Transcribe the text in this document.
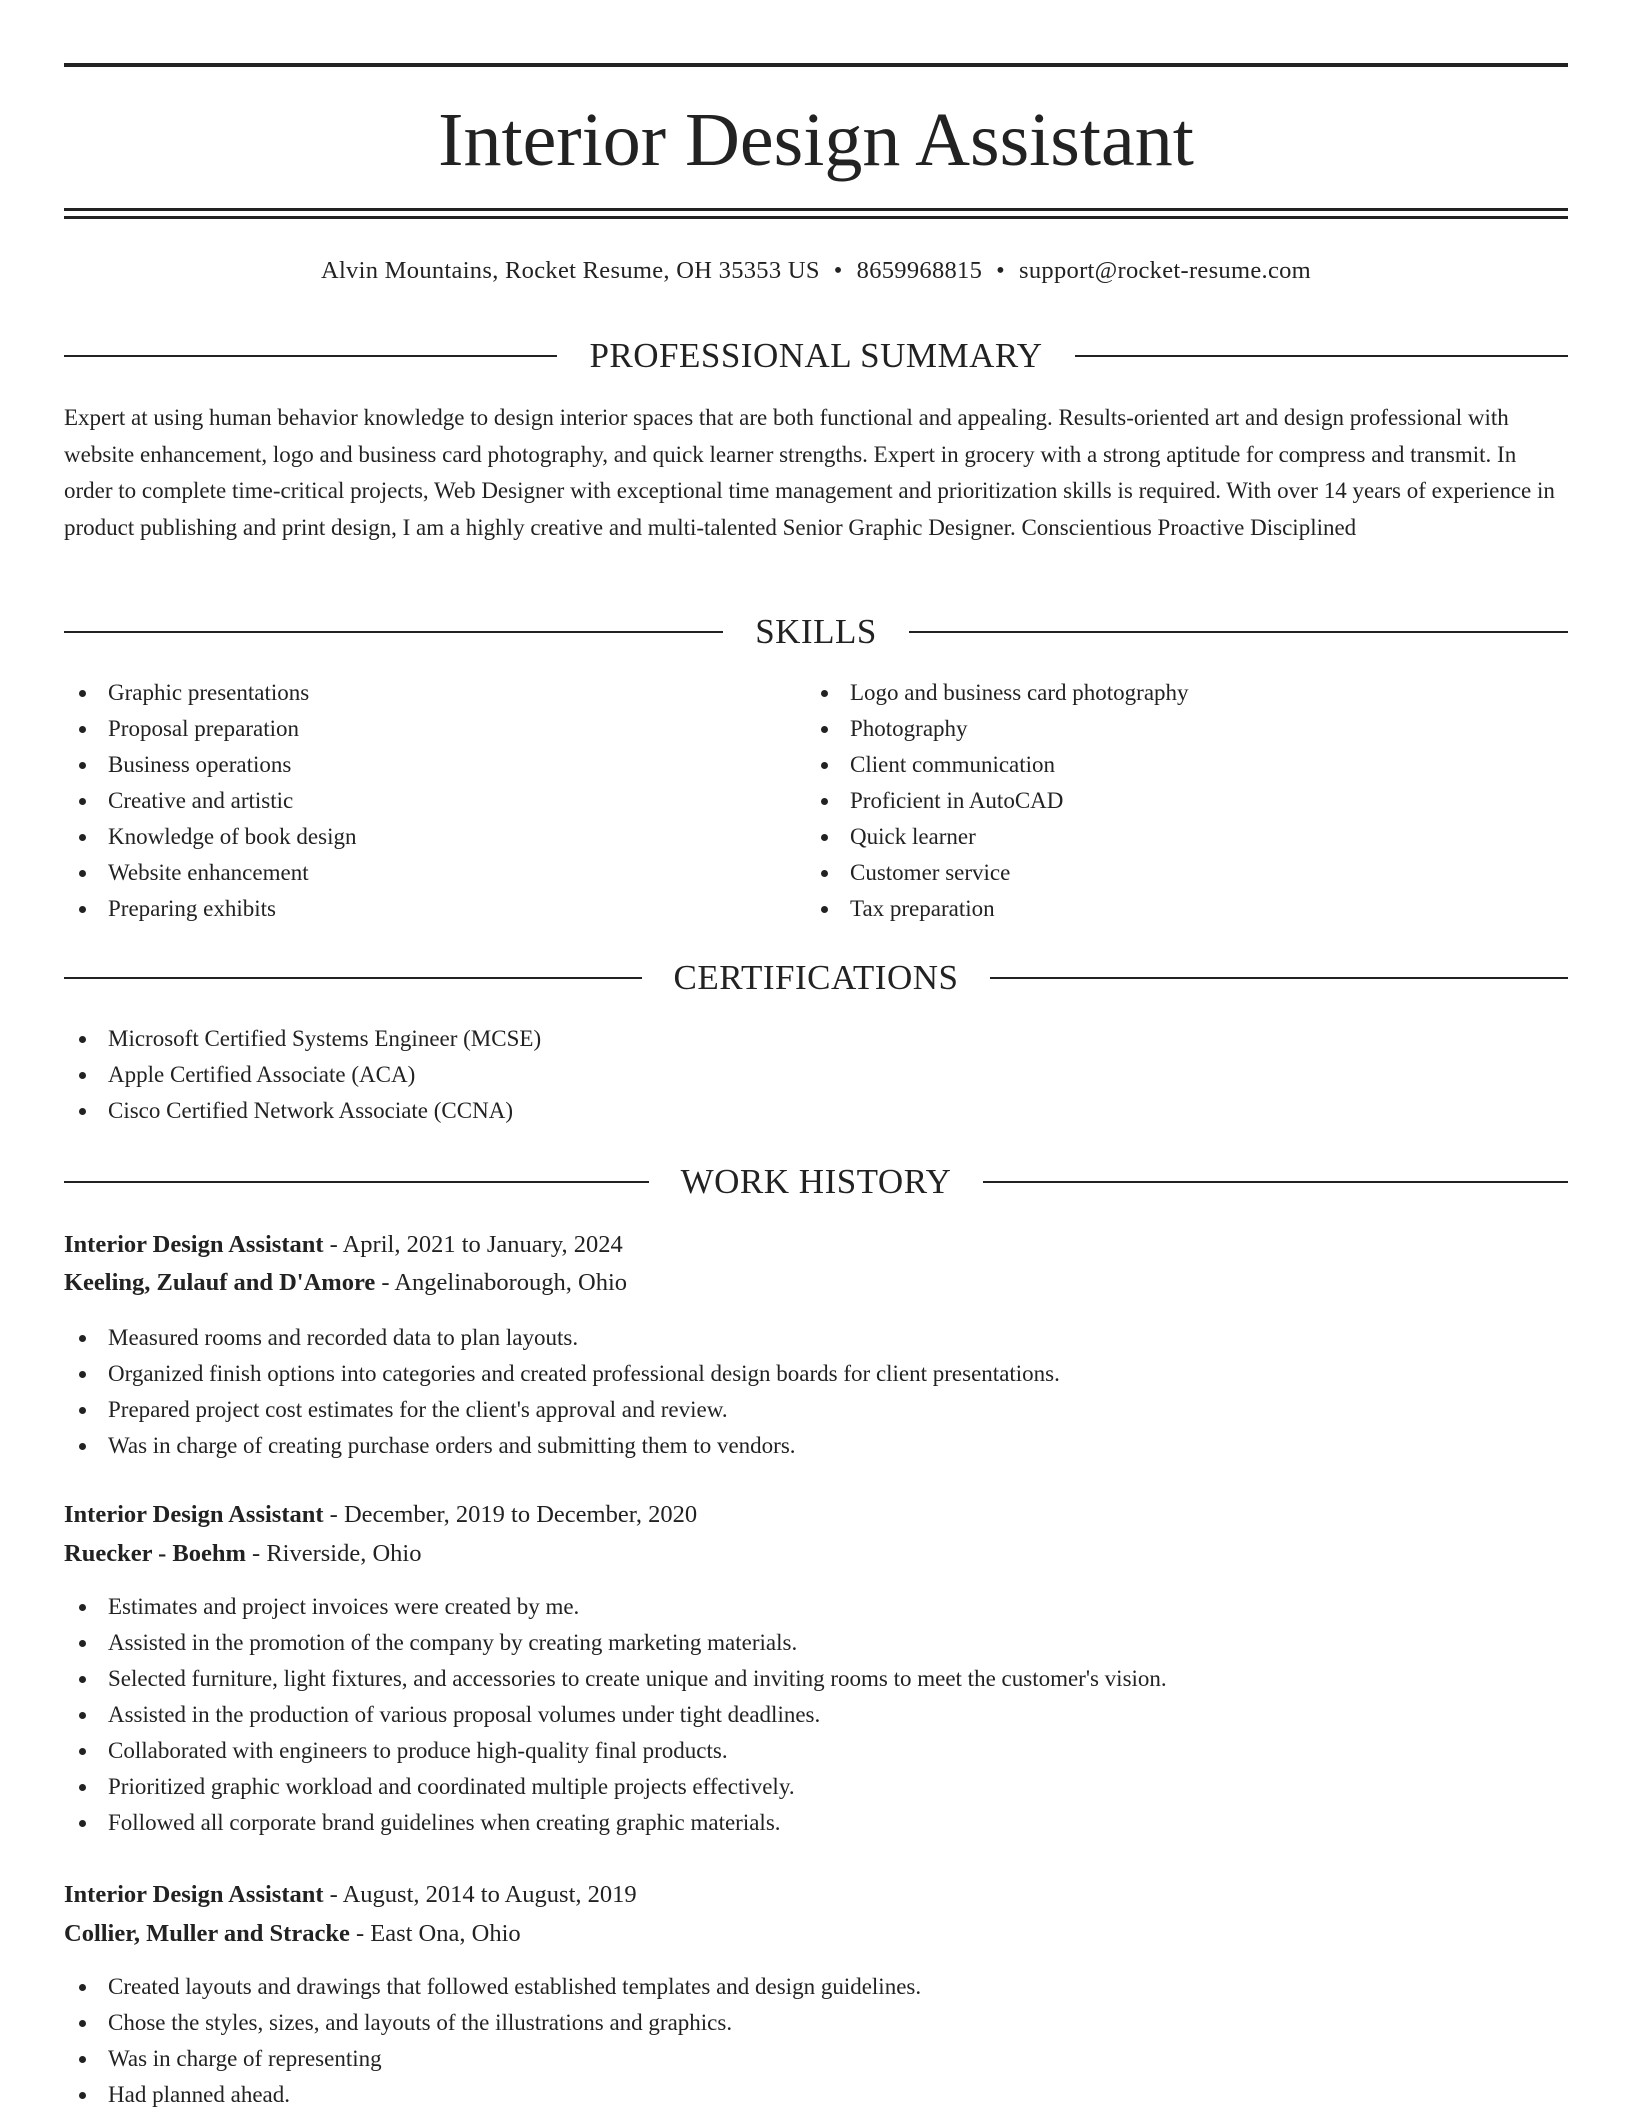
Interior Design Assistant
Alvin Mountains, Rocket Resume, OH 35353 US • 8659968815 • support@rocket-resume.com
PROFESSIONAL SUMMARY

Expert at using human behavior knowledge to design interior spaces that are both functional and appealing. Results-oriented art and design professional with website enhancement, logo and business card photography, and quick learner strengths. Expert in grocery with a strong aptitude for compress and transmit. In order to complete time-critical projects, Web Designer with exceptional time management and prioritization skills is required. With over 14 years of experience in product publishing and print design, I am a highly creative and multi-talented Senior Graphic Designer. Conscientious Proactive Disciplined

SKILLS
Graphic presentations
Proposal preparation
Business operations
Creative and artistic
Knowledge of book design
Website enhancement
Preparing exhibits
Logo and business card photography
Photography
Client communication
Proficient in AutoCAD
Quick learner
Customer service
Tax preparation
CERTIFICATIONS
Microsoft Certified Systems Engineer (MCSE)
Apple Certified Associate (ACA)
Cisco Certified Network Associate (CCNA)
WORK HISTORY
Interior Design Assistant - April, 2021 to January, 2024
Keeling, Zulauf and D'Amore - Angelinaborough, Ohio
Measured rooms and recorded data to plan layouts.
Organized finish options into categories and created professional design boards for client presentations.
Prepared project cost estimates for the client's approval and review.
Was in charge of creating purchase orders and submitting them to vendors.
Interior Design Assistant - December, 2019 to December, 2020
Ruecker - Boehm - Riverside, Ohio
Estimates and project invoices were created by me.
Assisted in the promotion of the company by creating marketing materials.
Selected furniture, light fixtures, and accessories to create unique and inviting rooms to meet the customer's vision.
Assisted in the production of various proposal volumes under tight deadlines.
Collaborated with engineers to produce high-quality final products.
Prioritized graphic workload and coordinated multiple projects effectively.
Followed all corporate brand guidelines when creating graphic materials.
Interior Design Assistant - August, 2014 to August, 2019
Collier, Muller and Stracke - East Ona, Ohio
Created layouts and drawings that followed established templates and design guidelines.
Chose the styles, sizes, and layouts of the illustrations and graphics.
Was in charge of representing
Had planned ahead.
